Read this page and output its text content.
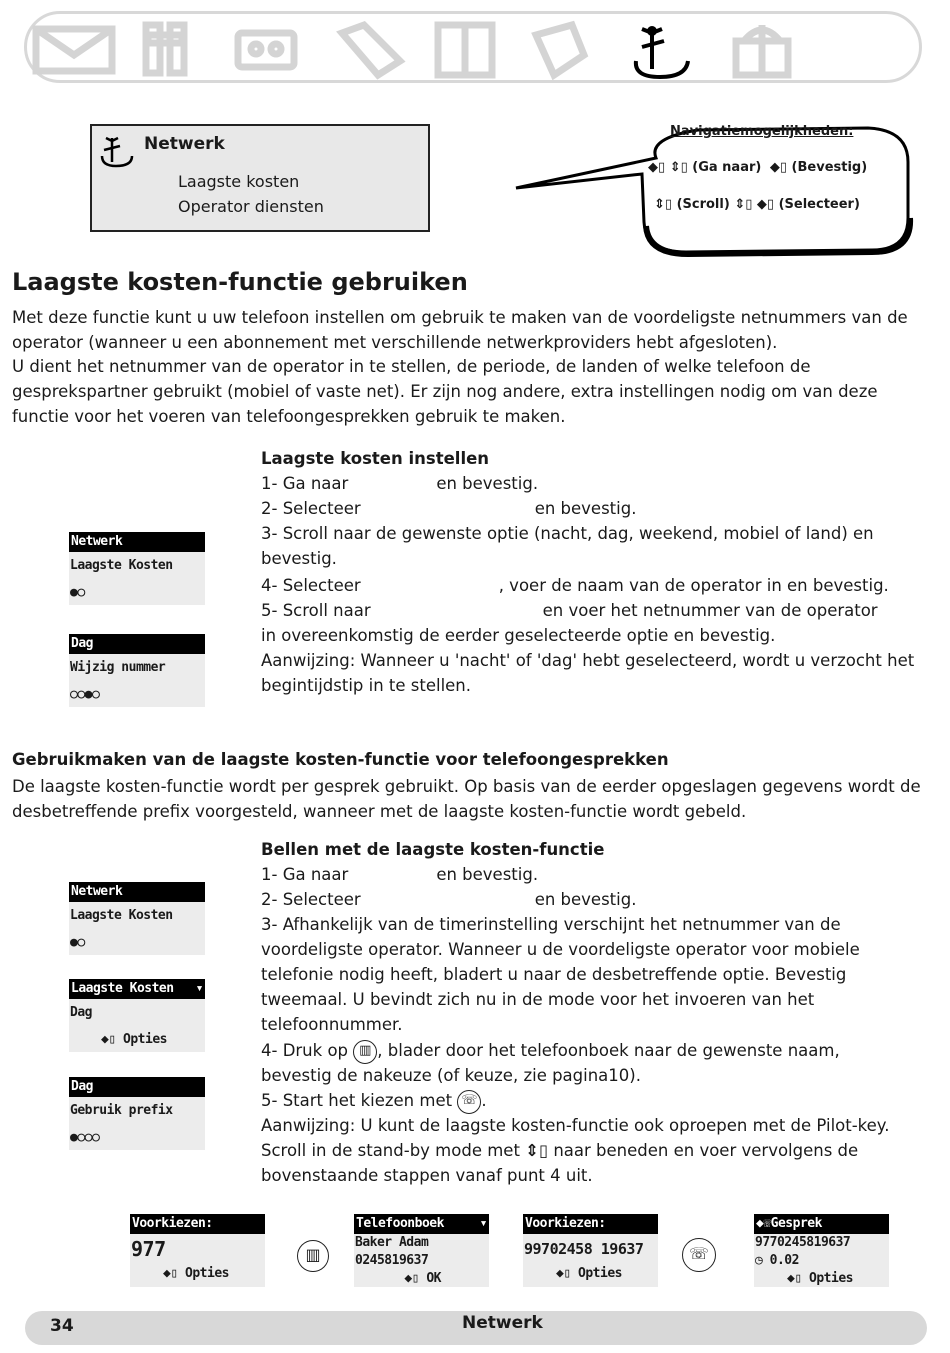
Netwerk
Laagste kosten
Operator diensten
Navigatiemogelijkheden:
◆▯ ⇕▯ (Ga naar) ◆▯ (Bevestig)
⇕▯ (Scroll) ⇕▯ ◆▯ (Selecteer)
Laagste kosten-functie gebruiken

Met deze functie kunt u uw telefoon instellen om gebruik te maken van de voordeligste netnummers van de operator (wanneer u een abonnement met verschillende netwerkproviders hebt afgesloten).

U dient het netnummer van de operator in te stellen, de periode, de landen of welke telefoon de gesprekspartner gebruikt (mobiel of vaste net). Er zijn nog andere, extra instellingen nodig om van deze functie voor het voeren van telefoongesprekken gebruik te maken.

Netwerk
Laagste Kosten
●○
Dag
Wijzig nummer
○○●○
Laagste kosten instellen
1- Ga naar	en bevestig.
2- Selecteer	en bevestig.
3- Scroll naar de gewenste optie (nacht, dag, weekend, mobiel of land) en bevestig.
4- Selecteer	, voer de naam van de operator in en bevestig.
5- Scroll naar	en voer het netnummer van de operator
in overeenkomstig de eerder geselecteerde optie en bevestig.
Aanwijzing: Wanneer u 'nacht' of 'dag' hebt geselecteerd, wordt u verzocht het begintijdstip in te stellen.
Gebruikmaken van de laagste kosten-functie voor telefoongesprekken

De laagste kosten-functie wordt per gesprek gebruikt. Op basis van de eerder opgeslagen gegevens wordt de desbetreffende prefix voorgesteld, wanneer met de laagste kosten-functie wordt gebeld.

Netwerk
Laagste Kosten
●○
Laagste Kosten ▾
Dag
◆▯ Opties
Dag
Gebruik prefix
●○○○
Bellen met de laagste kosten-functie
1- Ga naar	en bevestig.
2- Selecteer	en bevestig.
3- Afhankelijk van de timerinstelling verschijnt het netnummer van de voordeligste operator. Wanneer u de voordeligste operator voor mobiele telefonie nodig heeft, bladert u naar de desbetreffende optie. Bevestig tweemaal. U bevindt zich nu in de mode voor het invoeren van het telefoonnummer.
4- Druk op ▥ , blader door het telefoonboek naar de gewenste naam,
bevestig de nakeuze (of keuze, zie pagina10).
5- Start het kiezen met ☏ .
Aanwijzing: U kunt de laagste kosten-functie ook oproepen met de Pilot-key.
Scroll in de stand-by mode met ⇕▯ naar beneden en voer vervolgens de
bovenstaande stappen vanaf punt 4 uit.
Voorkiezen:
977
◆▯ Opties
▥
Telefoonboek	▾
Baker Adam
0245819637
◆▯ OK
Voorkiezen:
99702458 19637
◆▯ Opties
☏
◆☏Gesprek
9770245819637
◷ 0.02
◆▯ Opties
34	Netwerk
